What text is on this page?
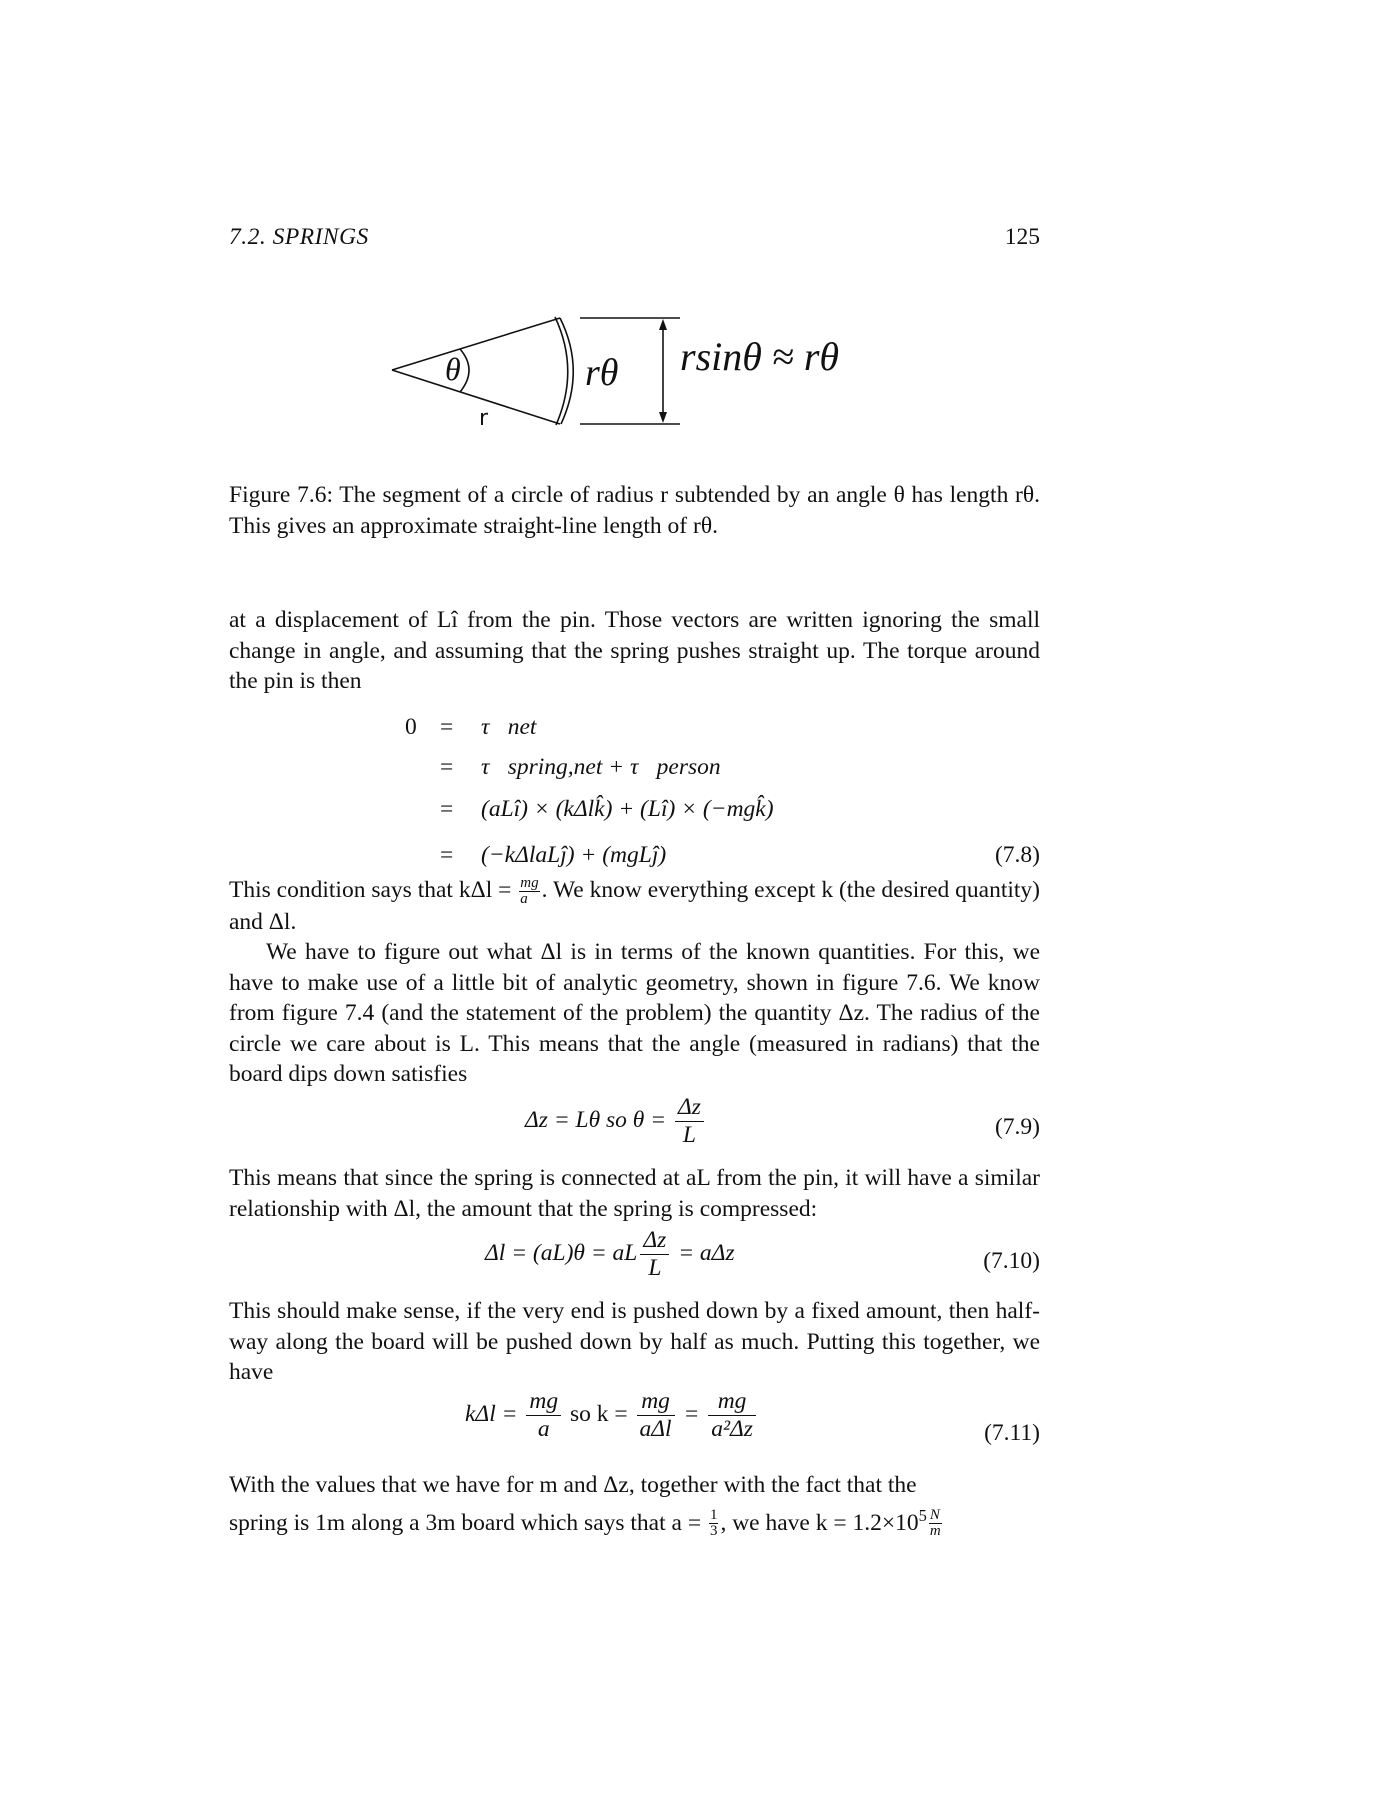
7.2. SPRINGS	125
θ
r
rθ rsinθ ≈ rθ
Figure 7.6: The segment of a circle of radius r subtended by an angle θ has length rθ. This gives an approximate straight-line length of rθ.
at a displacement of Lî from the pin. Those vectors are written ignoring the small change in angle, and assuming that the spring pushes straight up. The torque around the pin is then
0 = τ⃗net
= τ⃗spring,net + τ⃗person
= (aLî) × (kΔlk̂) + (Lî) × (−mgk̂)
= (−kΔlaLĵ) + (mgLĵ)	(7.8)
This condition says that $k\Delta l = \frac{mg}{a}$ . We know everything except k (the desired quantity) and Δl.
We have to figure out what Δl is in terms of the known quantities. For this, we have to make use of a little bit of analytic geometry, shown in figure 7.6. We know from figure 7.4 (and the statement of the problem) the quantity Δz. The radius of the circle we care about is L. This means that the angle (measured in radians) that the board dips down satisfies
Δz = Lθ so $\theta = \frac{\Delta z}{L}$	(7.9)
This means that since the spring is connected at aL from the pin, it will have a similar relationship with Δl, the amount that the spring is compressed:
Δl = (aL)θ = aL $\frac{\Delta z}{L} = a\Delta z$	(7.10)
This should make sense, if the very end is pushed down by a fixed amount, then half-way along the board will be pushed down by half as much. Putting this together, we have
$k\Delta l = \frac{mg}{a}$ so $k = \frac{mg}{\text{aΔl}} = \frac{mg}{\text{a²Δz}}$	(7.11)
With the values that we have for m and Δz, together with the fact that the
spring is 1m along a 3m board which says that $a = \frac{1}{3}$ , we have $k = 1.2\times 10^5 \frac{N}{m}$
